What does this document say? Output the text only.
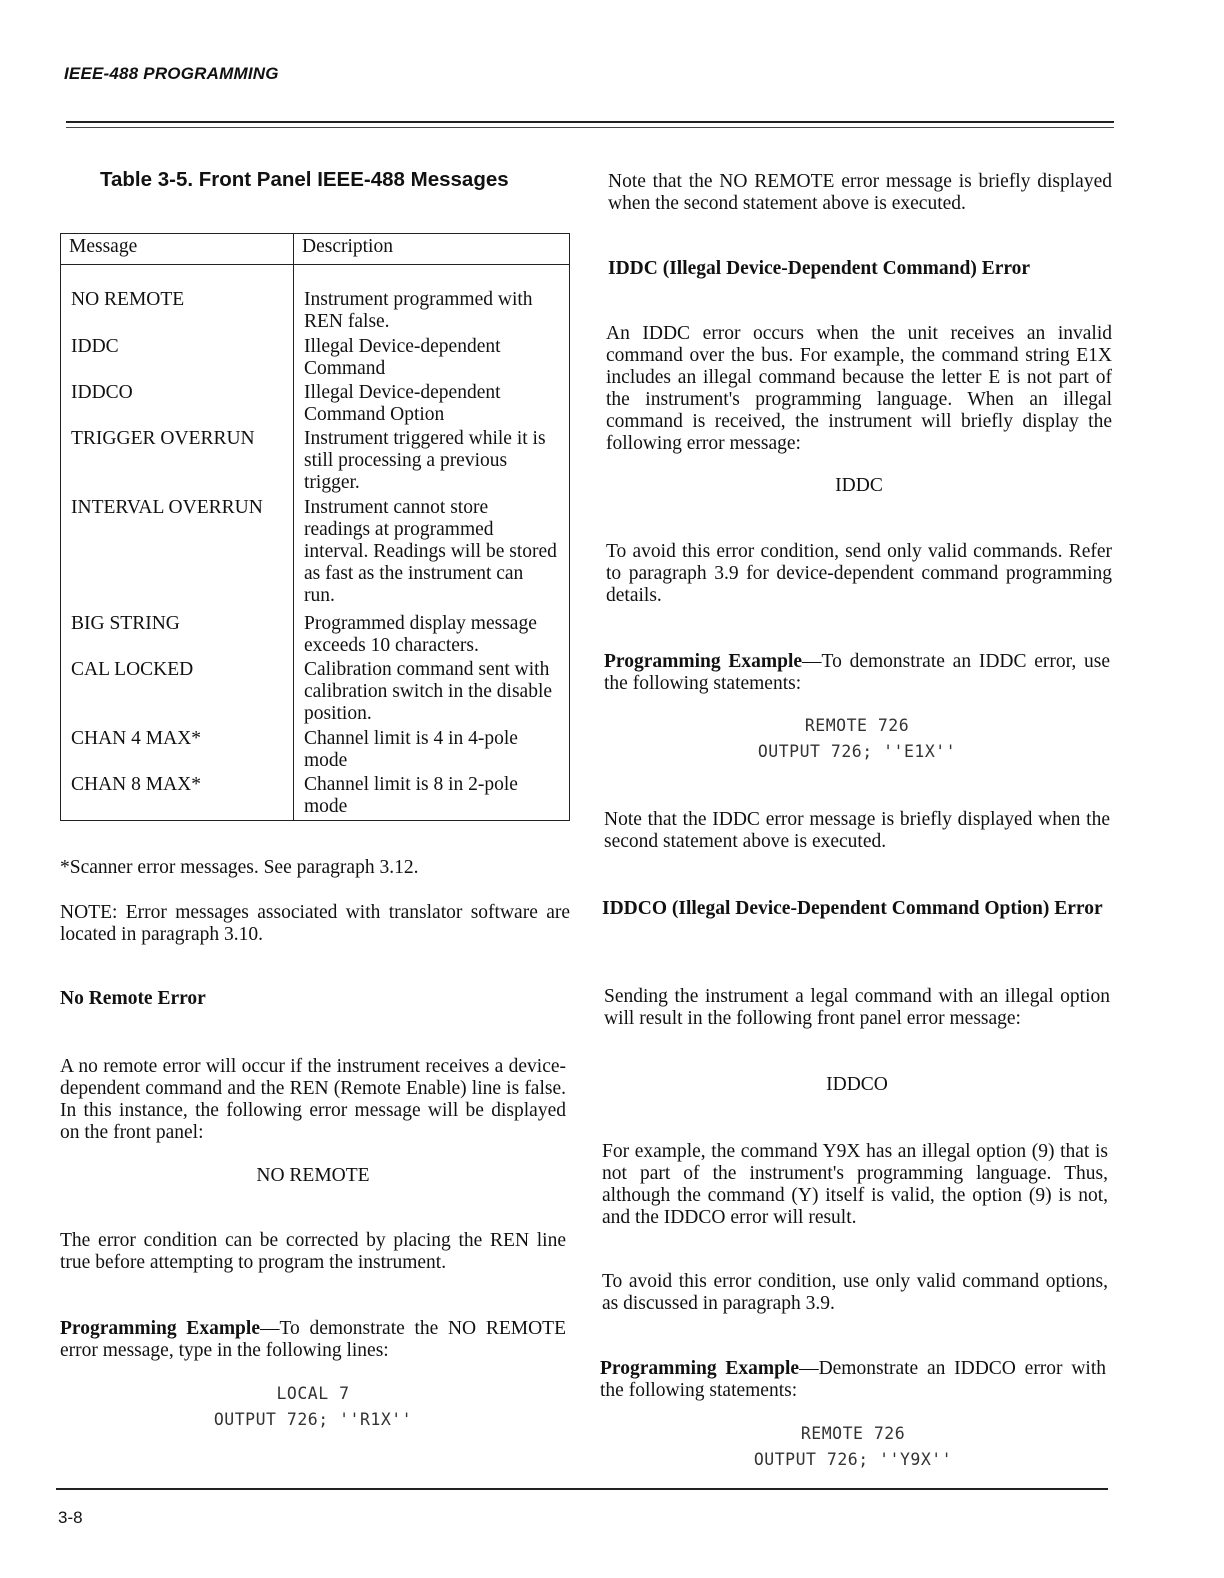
IEEE-488 PROGRAMMING
Table 3-5. Front Panel IEEE-488 Messages
Message	Description
NO REMOTE	Instrument programmed with REN false.
IDDC	Illegal Device-dependent Command
IDDCO	Illegal Device-dependent Command Option
TRIGGER OVERRUN	Instrument triggered while it is still processing a previous trigger.
INTERVAL OVERRUN	Instrument cannot store readings at programmed interval. Readings will be stored as fast as the instrument can run.
BIG STRING	Programmed display message exceeds 10 characters.
CAL LOCKED	Calibration command sent with calibration switch in the disable position.
CHAN 4 MAX*	Channel limit is 4 in 4-pole mode
CHAN 8 MAX*	Channel limit is 8 in 2-pole mode
*Scanner error messages. See paragraph 3.12.
NOTE: Error messages associated with translator software are located in paragraph 3.10.
No Remote Error
A no remote error will occur if the instrument receives a device-dependent command and the REN (Remote Enable) line is false. In this instance, the following error message will be displayed on the front panel:
NO REMOTE
The error condition can be corrected by placing the REN line true before attempting to program the instrument.
Programming Example—To demonstrate the NO REMOTE error message, type in the following lines:
LOCAL 7
OUTPUT 726; ''R1X''
Note that the NO REMOTE error message is briefly displayed when the second statement above is executed.
IDDC (Illegal Device-Dependent Command) Error
An IDDC error occurs when the unit receives an invalid command over the bus. For example, the command string E1X includes an illegal command because the letter E is not part of the instrument's programming language. When an illegal command is received, the instrument will briefly display the following error message:
IDDC
To avoid this error condition, send only valid commands. Refer to paragraph 3.9 for device-dependent command programming details.
Programming Example—To demonstrate an IDDC error, use the following statements:
REMOTE 726
OUTPUT 726; ''E1X''
Note that the IDDC error message is briefly displayed when the second statement above is executed.
IDDCO (Illegal Device-Dependent Command Option) Error
Sending the instrument a legal command with an illegal option will result in the following front panel error message:
IDDCO
For example, the command Y9X has an illegal option (9) that is not part of the instrument's programming language. Thus, although the command (Y) itself is valid, the option (9) is not, and the IDDCO error will result.
To avoid this error condition, use only valid command options, as discussed in paragraph 3.9.
Programming Example—Demonstrate an IDDCO error with the following statements:
REMOTE 726
OUTPUT 726; ''Y9X''
3-8
